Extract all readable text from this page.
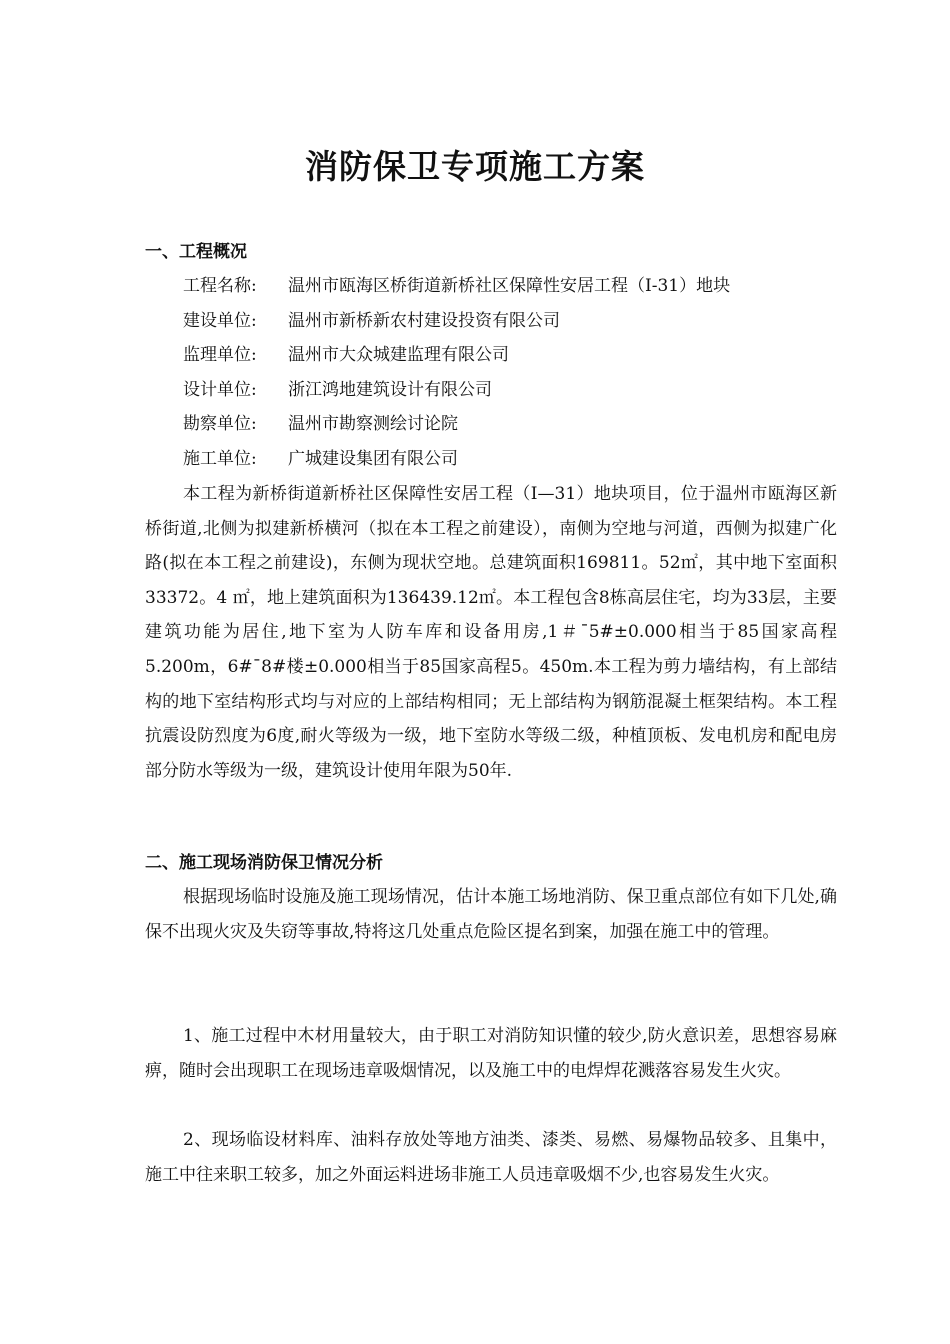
消防保卫专项施工方案
一、工程概况
工程名称:	温州市瓯海区桥街道新桥社区保障性安居工程（I-31）地块
建设单位:	温州市新桥新农村建设投资有限公司
监理单位:	温州市大众城建监理有限公司
设计单位:	浙江鸿地建筑设计有限公司
勘察单位:	温州市勘察测绘讨论院
施工单位:	广城建设集团有限公司

本工程为新桥街道新桥社区保障性安居工程（I—31）地块项目，位于温州市瓯海区新桥街道,北侧为拟建新桥横河（拟在本工程之前建设），南侧为空地与河道，西侧为拟建广化路(拟在本工程之前建设)，东侧为现状空地。总建筑面积169811。52㎡，其中地下室面积33372。4 ㎡，地上建筑面积为136439.12㎡。本工程包含8栋高层住宅，均为33层，主要建筑功能为居住,地下室为人防车库和设备用房,1＃¯5#±0.000相当于85国家高程5.200m，6#¯8#楼±0.000相当于85国家高程5。450m.本工程为剪力墙结构，有上部结构的地下室结构形式均与对应的上部结构相同；无上部结构为钢筋混凝土框架结构。本工程抗震设防烈度为6度,耐火等级为一级，地下室防水等级二级，种植顶板、发电机房和配电房部分防水等级为一级，建筑设计使用年限为50年.

二、施工现场消防保卫情况分析

根据现场临时设施及施工现场情况，估计本施工场地消防、保卫重点部位有如下几处,确保不出现火灾及失窃等事故,特将这几处重点危险区提名到案，加强在施工中的管理。

1、施工过程中木材用量较大，由于职工对消防知识懂的较少,防火意识差，思想容易麻痹，随时会出现职工在现场违章吸烟情况，以及施工中的电焊焊花溅落容易发生火灾。

2、现场临设材料库、油料存放处等地方油类、漆类、易燃、易爆物品较多、且集中，施工中往来职工较多，加之外面运料进场非施工人员违章吸烟不少,也容易发生火灾。
